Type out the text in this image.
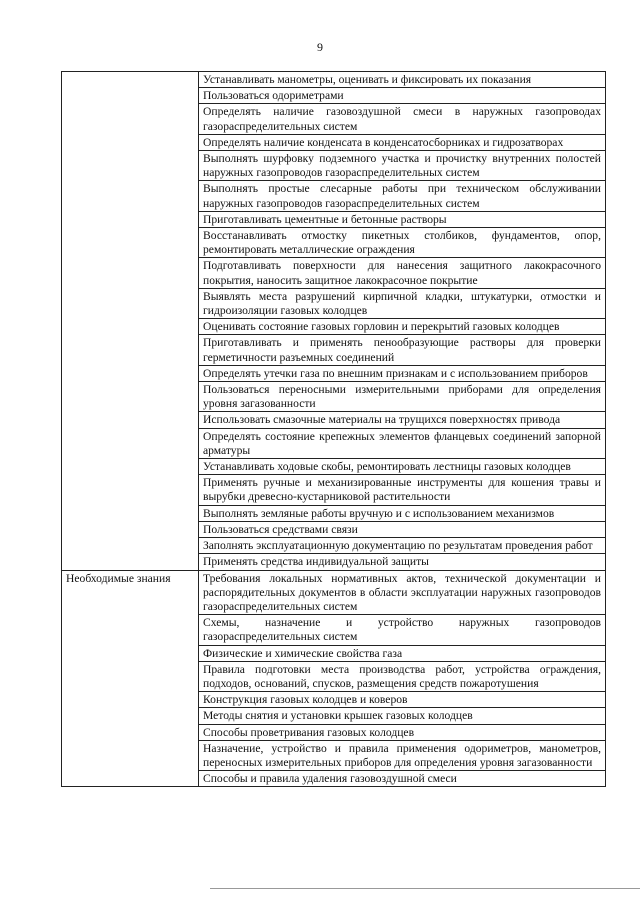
9
	Устанавливать манометры, оценивать и фиксировать их показания
	Пользоваться одориметрами
	Определять наличие газовоздушной смеси в наружных газопроводах газораспределительных систем
	Определять наличие конденсата в конденсатосборниках и гидрозатворах
	Выполнять шурфовку подземного участка и прочистку внутренних полостей наружных газопроводов газораспределительных систем
	Выполнять простые слесарные работы при техническом обслуживании наружных газопроводов газораспределительных систем
	Приготавливать цементные и бетонные растворы
	Восстанавливать отмостку пикетных столбиков, фундаментов, опор, ремонтировать металлические ограждения
	Подготавливать поверхности для нанесения защитного лакокрасочного покрытия, наносить защитное лакокрасочное покрытие
	Выявлять места разрушений кирпичной кладки, штукатурки, отмостки и гидроизоляции газовых колодцев
	Оценивать состояние газовых горловин и перекрытий газовых колодцев
	Приготавливать и применять пенообразующие растворы для проверки герметичности разъемных соединений
	Определять утечки газа по внешним признакам и с использованием приборов
	Пользоваться переносными измерительными приборами для определения уровня загазованности
	Использовать смазочные материалы на трущихся поверхностях привода
	Определять состояние крепежных элементов фланцевых соединений запорной арматуры
	Устанавливать ходовые скобы, ремонтировать лестницы газовых колодцев
	Применять ручные и механизированные инструменты для кошения травы и вырубки древесно-кустарниковой растительности
	Выполнять земляные работы вручную и с использованием механизмов
	Пользоваться средствами связи
	Заполнять эксплуатационную документацию по результатам проведения работ
	Применять средства индивидуальной защиты
Необходимые знания	Требования локальных нормативных актов, технической документации и распорядительных документов в области эксплуатации наружных газопроводов газораспределительных систем
	Схемы, назначение и устройство наружных газопроводов газораспределительных систем
	Физические и химические свойства газа
	Правила подготовки места производства работ, устройства ограждения, подходов, оснований, спусков, размещения средств пожаротушения
	Конструкция газовых колодцев и коверов
	Методы снятия и установки крышек газовых колодцев
	Способы проветривания газовых колодцев
	Назначение, устройство и правила применения одориметров, манометров, переносных измерительных приборов для определения уровня загазованности
	Способы и правила удаления газовоздушной смеси
